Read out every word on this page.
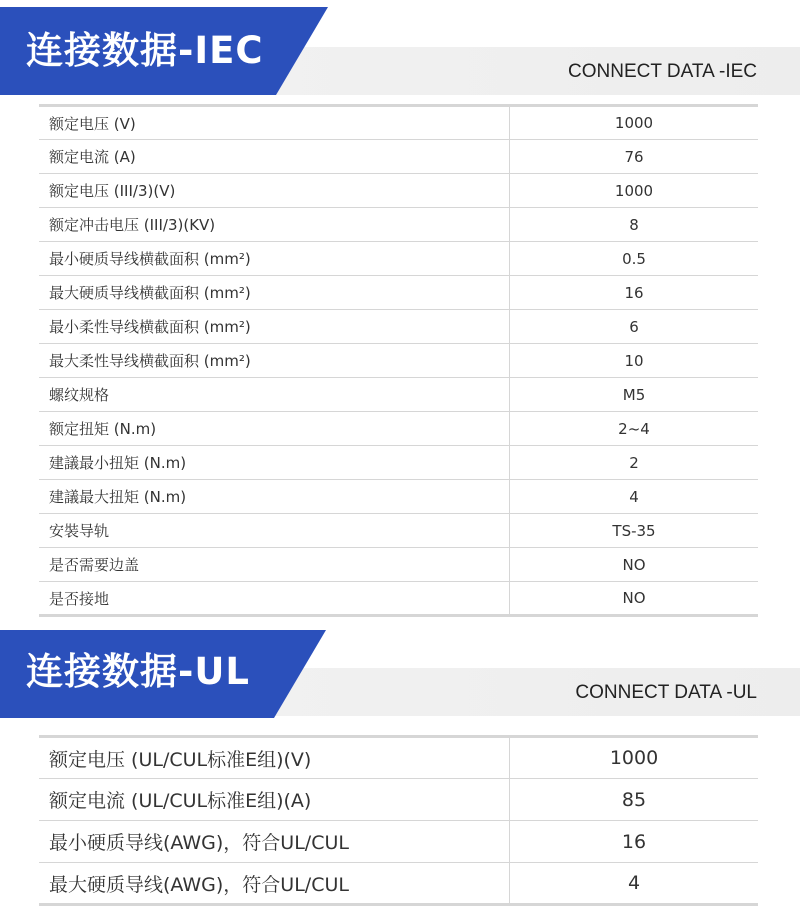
连接数据-IEC	CONNECT DATA -IEC
额定电压 (V)	1000
额定电流 (A)	76
额定电压 (III/3)(V)	1000
额定冲击电压 (III/3)(KV)	8
最小硬质导线横截面积 (mm²)	0.5
最大硬质导线横截面积 (mm²)	16
最小柔性导线横截面积 (mm²)	6
最大柔性导线横截面积 (mm²)	10
螺纹规格	M5
额定扭矩 (N.m)	2~4
建議最小扭矩 (N.m)	2
建議最大扭矩 (N.m)	4
安裝导轨	TS-35
是否需要边盖	NO
是否接地	NO
连接数据-UL	CONNECT DATA -UL
额定电压 (UL/CUL标准E组)(V)	1000
额定电流 (UL/CUL标准E组)(A)	85
最小硬质导线(AWG)，符合UL/CUL	16
最大硬质导线(AWG)，符合UL/CUL	4
